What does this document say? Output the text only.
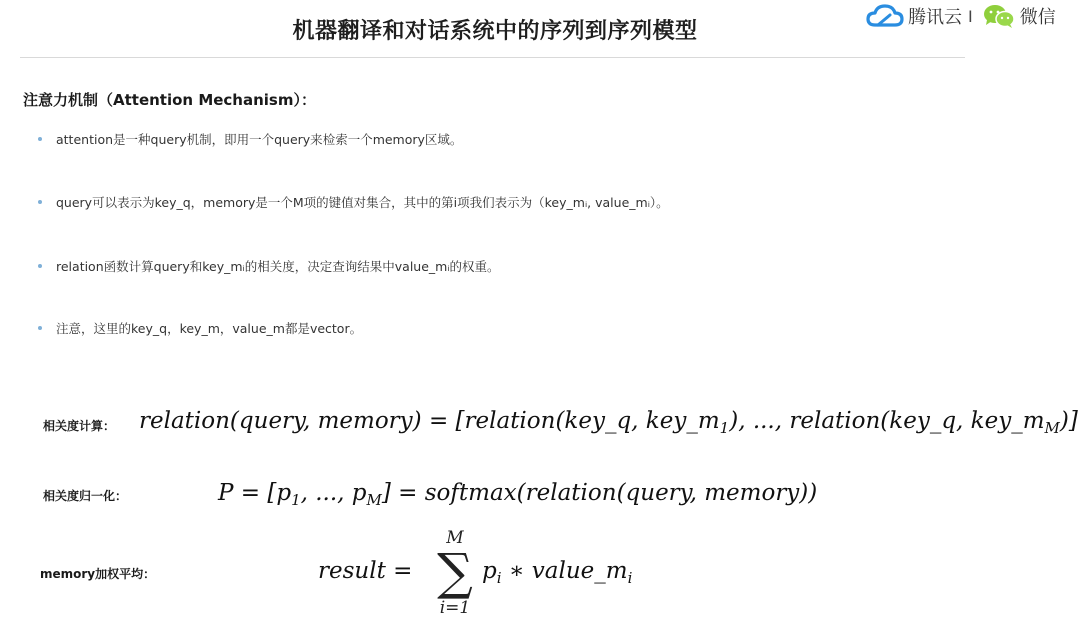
机器翻译和对话系统中的序列到序列模型
腾讯云 I	微信
注意力机制（Attention Mechanism）：
attention是一种query机制，即用一个query来检索一个memory区域。
query可以表示为key_q，memory是一个M项的键值对集合，其中的第i项我们表示为（key_mᵢ, value_mᵢ）。
relation函数计算query和key_mᵢ的相关度，决定查询结果中value_mᵢ的权重。
注意，这里的key_q，key_m，value_m都是vector。
相关度计算： relation(query, memory) = [relation(key_q, $key\_m_1$), ..., relation(key_q, $key\_m_M$)]
相关度归一化：	$P = [p_1$, ..., $p_M$] = softmax(relation(query, memory))
memory加权平均：	result =
M
∑
i=1
$p_i$ ∗ $value\_m_i$
